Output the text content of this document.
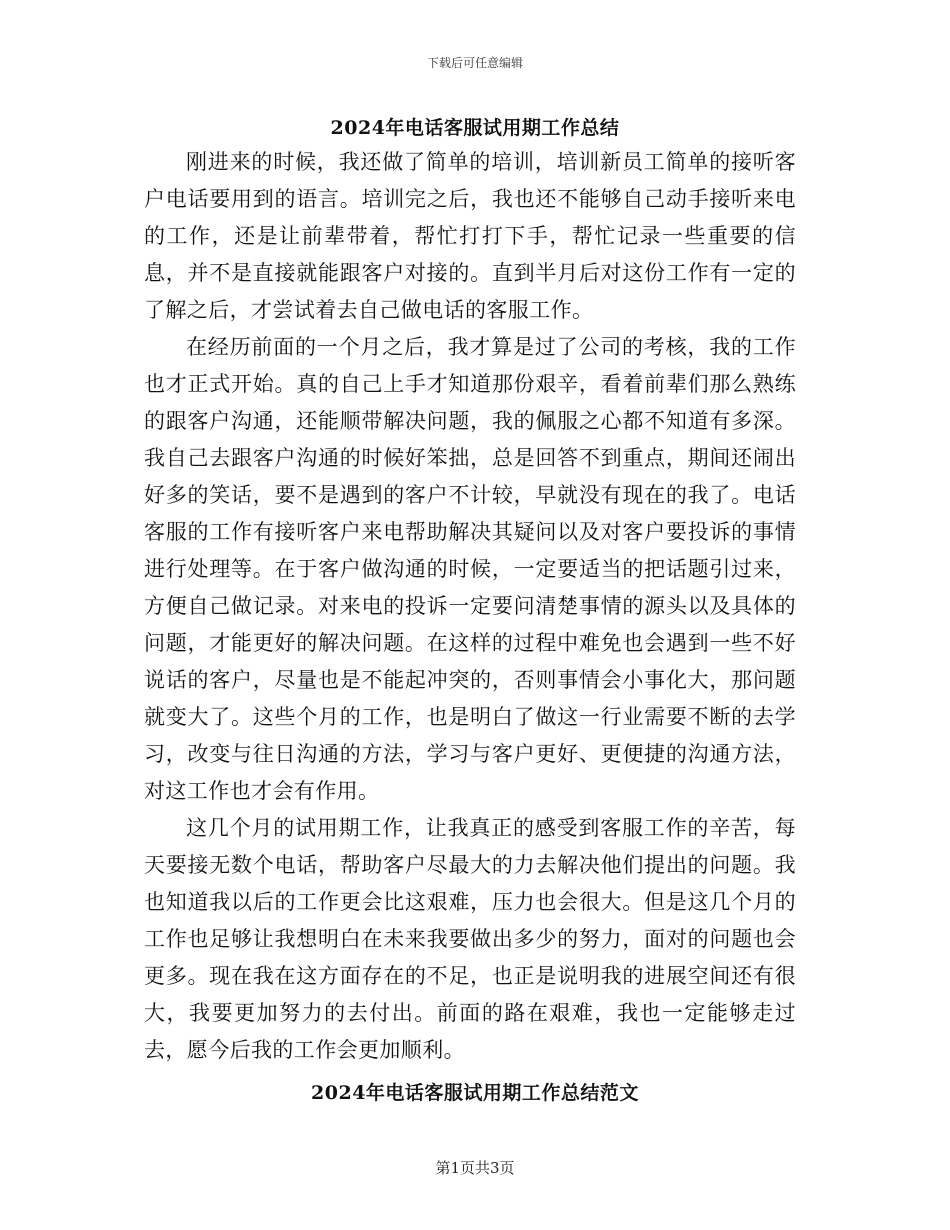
下载后可任意编辑
2024年电话客服试用期工作总结

刚进来的时候，我还做了简单的培训，培训新员工简单的接听客户电话要用到的语言。培训完之后，我也还不能够自己动手接听来电的工作，还是让前辈带着，帮忙打打下手，帮忙记录一些重要的信息，并不是直接就能跟客户对接的。直到半月后对这份工作有一定的了解之后，才尝试着去自己做电话的客服工作。

在经历前面的一个月之后，我才算是过了公司的考核，我的工作也才正式开始。真的自己上手才知道那份艰辛，看着前辈们那么熟练的跟客户沟通，还能顺带解决问题，我的佩服之心都不知道有多深。我自己去跟客户沟通的时候好笨拙，总是回答不到重点，期间还闹出好多的笑话，要不是遇到的客户不计较，早就没有现在的我了。电话客服的工作有接听客户来电帮助解决其疑问以及对客户要投诉的事情进行处理等。在于客户做沟通的时候，一定要适当的把话题引过来，方便自己做记录。对来电的投诉一定要问清楚事情的源头以及具体的问题，才能更好的解决问题。在这样的过程中难免也会遇到一些不好说话的客户，尽量也是不能起冲突的，否则事情会小事化大，那问题就变大了。这些个月的工作，也是明白了做这一行业需要不断的去学习，改变与往日沟通的方法，学习与客户更好、更便捷的沟通方法，对这工作也才会有作用。

这几个月的试用期工作，让我真正的感受到客服工作的辛苦，每天要接无数个电话，帮助客户尽最大的力去解决他们提出的问题。我也知道我以后的工作更会比这艰难，压力也会很大。但是这几个月的工作也足够让我想明白在未来我要做出多少的努力，面对的问题也会更多。现在我在这方面存在的不足，也正是说明我的进展空间还有很大，我要更加努力的去付出。前面的路在艰难，我也一定能够走过去，愿今后我的工作会更加顺利。

2024年电话客服试用期工作总结范文
第1页共3页
